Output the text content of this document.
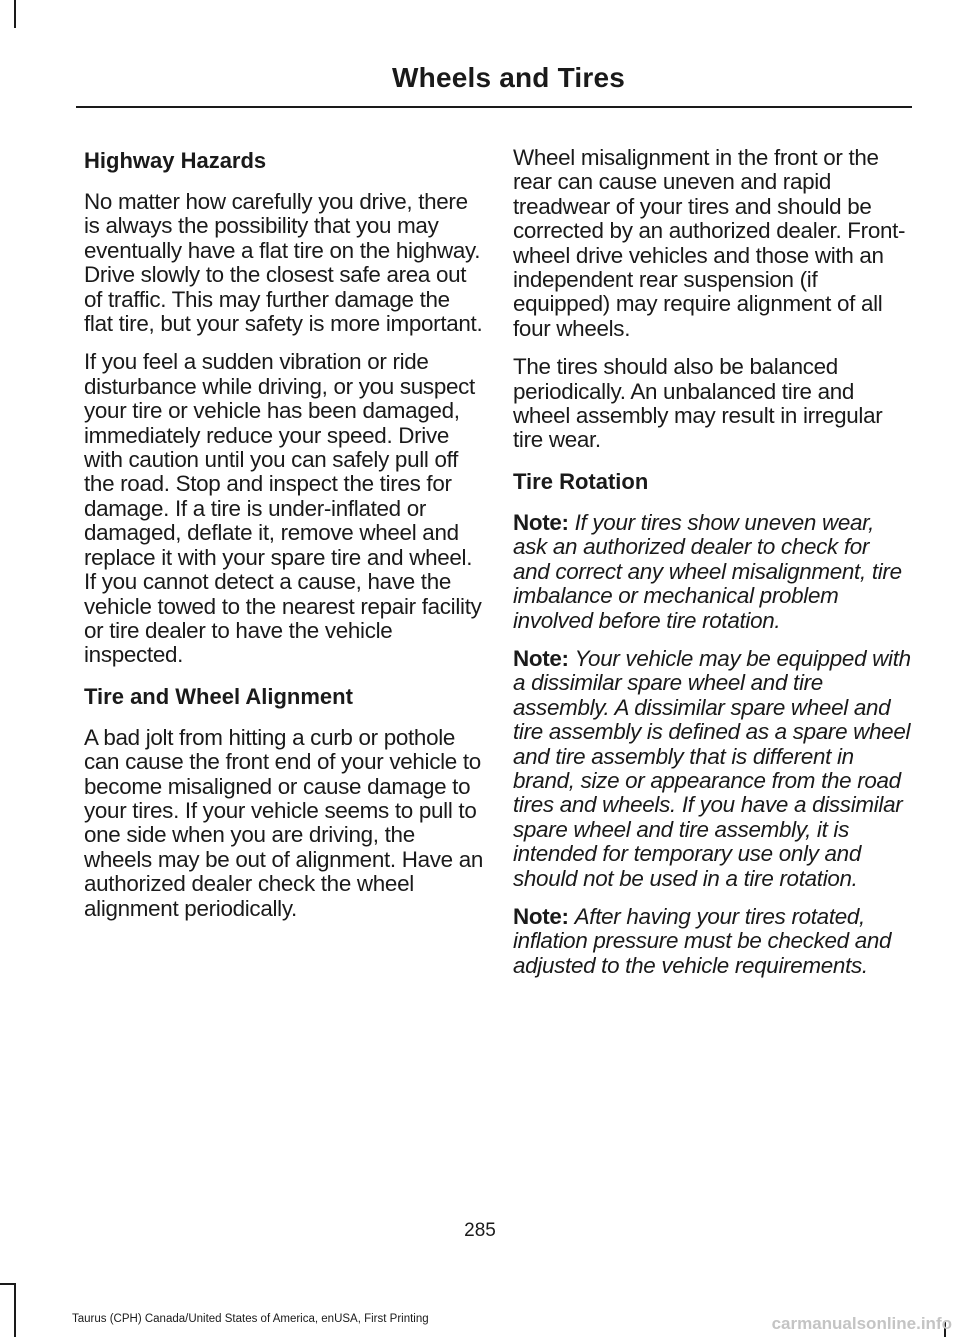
Wheels and Tires
Highway Hazards
No matter how carefully you drive, there is always the possibility that you may eventually have a flat tire on the highway. Drive slowly to the closest safe area out of traffic. This may further damage the flat tire, but your safety is more important.
If you feel a sudden vibration or ride disturbance while driving, or you suspect your tire or vehicle has been damaged, immediately reduce your speed. Drive with caution until you can safely pull off the road. Stop and inspect the tires for damage. If a tire is under-inflated or damaged, deflate it, remove wheel and replace it with your spare tire and wheel. If you cannot detect a cause, have the vehicle towed to the nearest repair facility or tire dealer to have the vehicle inspected.
Tire and Wheel Alignment
A bad jolt from hitting a curb or pothole can cause the front end of your vehicle to become misaligned or cause damage to your tires. If your vehicle seems to pull to one side when you are driving, the wheels may be out of alignment. Have an authorized dealer check the wheel alignment periodically.
Wheel misalignment in the front or the rear can cause uneven and rapid treadwear of your tires and should be corrected by an authorized dealer. Front-wheel drive vehicles and those with an independent rear suspension (if equipped) may require alignment of all four wheels.
The tires should also be balanced periodically. An unbalanced tire and wheel assembly may result in irregular tire wear.
Tire Rotation
Note: If your tires show uneven wear, ask an authorized dealer to check for and correct any wheel misalignment, tire imbalance or mechanical problem involved before tire rotation.
Note: Your vehicle may be equipped with a dissimilar spare wheel and tire assembly. A dissimilar spare wheel and tire assembly is defined as a spare wheel and tire assembly that is different in brand, size or appearance from the road tires and wheels. If you have a dissimilar spare wheel and tire assembly, it is intended for temporary use only and should not be used in a tire rotation.
Note: After having your tires rotated, inflation pressure must be checked and adjusted to the vehicle requirements.
285
Taurus (CPH) Canada/United States of America, enUSA, First Printing	carmanualsonline.info
